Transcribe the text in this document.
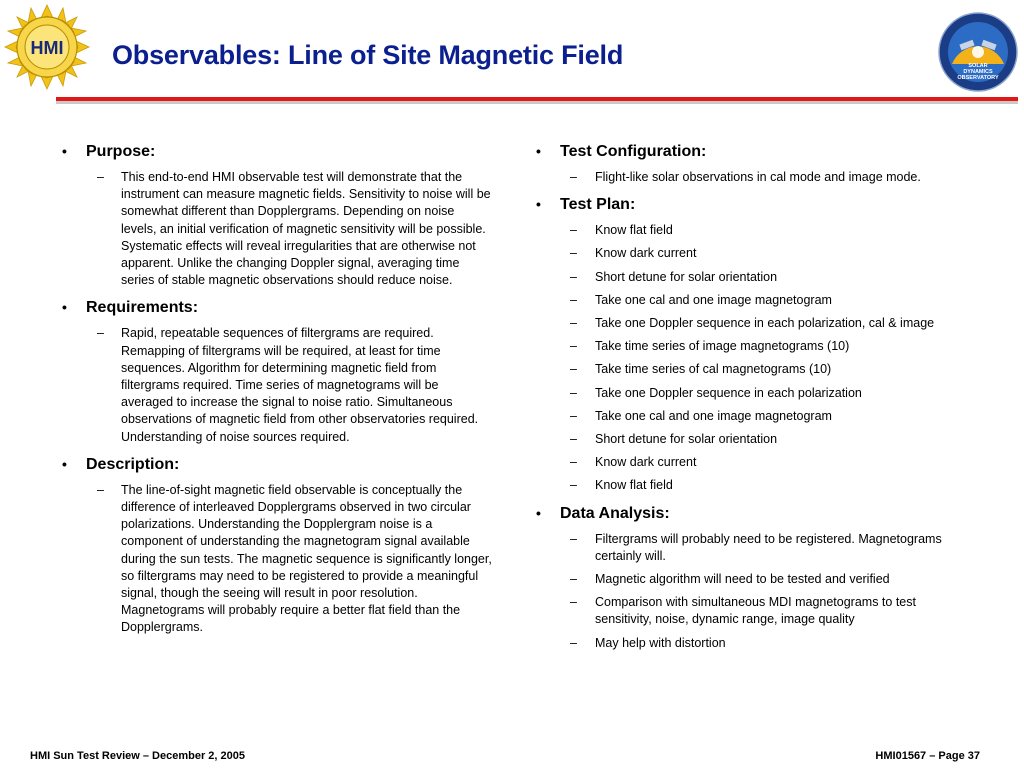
HMI Observables: Line of Site Magnetic Field	SOLAR
DYNAMICS
OBSERVATORY
•	Purpose:
–	This end-to-end HMI observable test will demonstrate that the instrument can measure magnetic fields. Sensitivity to noise will be somewhat different than Dopplergrams. Depending on noise levels, an initial verification of magnetic sensitivity will be possible. Systematic effects will reveal irregularities that are otherwise not apparent. Unlike the changing Doppler signal, averaging time series of stable magnetic observations should reduce noise.
•	Requirements:
–	Rapid, repeatable sequences of filtergrams are required. Remapping of filtergrams will be required, at least for time sequences. Algorithm for determining magnetic field from filtergrams required. Time series of magnetograms will be averaged to increase the signal to noise ratio. Simultaneous observations of magnetic field from other observatories required. Understanding of noise sources required.
•	Description:
–	The line-of-sight magnetic field observable is conceptually the difference of interleaved Dopplergrams observed in two circular polarizations. Understanding the Dopplergram noise is a component of understanding the magnetogram signal available during the sun tests. The magnetic sequence is significantly longer, so filtergrams may need to be registered to provide a meaningful signal, though the seeing will result in poor resolution. Magnetograms will probably require a better flat field than the Dopplergrams.
•	Test Configuration:
–	Flight-like solar observations in cal mode and image mode.
•	Test Plan:
–	Know flat field
–	Know dark current
–	Short detune for solar orientation
–	Take one cal and one image magnetogram
–	Take one Doppler sequence in each polarization, cal & image
–	Take time series of image magnetograms (10)
–	Take time series of cal magnetograms (10)
–	Take one Doppler sequence in each polarization
–	Take one cal and one image magnetogram
–	Short detune for solar orientation
–	Know dark current
–	Know flat field
•	Data Analysis:
–	Filtergrams will probably need to be registered. Magnetograms certainly will.
–	Magnetic algorithm will need to be tested and verified
–	Comparison with simultaneous MDI magnetograms to test sensitivity, noise, dynamic range, image quality
–	May help with distortion
HMI Sun Test Review – December 2, 2005	HMI01567 – Page 37
